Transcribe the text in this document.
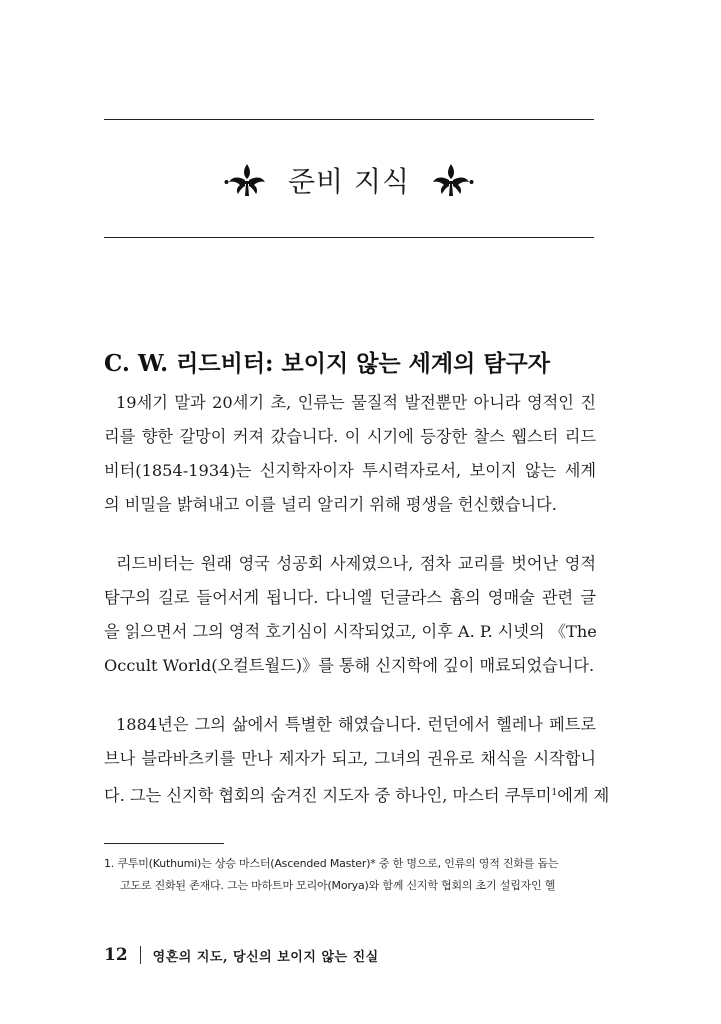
준비 지식
C. W. 리드비터: 보이지 않는 세계의 탐구자

19세기 말과 20세기 초, 인류는 물질적 발전뿐만 아니라 영적인 진
리를 향한 갈망이 커져 갔습니다. 이 시기에 등장한 찰스 웹스터 리드
비터(1854-1934)는 신지학자이자 투시력자로서, 보이지 않는 세계
의 비밀을 밝혀내고 이를 널리 알리기 위해 평생을 헌신했습니다.

리드비터는 원래 영국 성공회 사제였으나, 점차 교리를 벗어난 영적
탐구의 길로 들어서게 됩니다. 다니엘 던글라스 흄의 영매술 관련 글
을 읽으면서 그의 영적 호기심이 시작되었고, 이후 A. P. 시넷의 《The
Occult World(오컬트월드)》를 통해 신지학에 깊이 매료되었습니다.

1884년은 그의 삶에서 특별한 해였습니다. 런던에서 헬레나 페트로
브나 블라바츠키를 만나 제자가 되고, 그녀의 권유로 채식을 시작합니
다. 그는 신지학 협회의 숨겨진 지도자 중 하나인, 마스터 쿠투미$^1$에게 제

1. 쿠투미(Kuthumi)는 상승 마스터(Ascended Master)* 중 한 명으로, 인류의 영적 진화를 돕는
고도로 진화된 존재다. 그는 마하트마 모리아(Morya)와 함께 신지학 협회의 초기 설립자인 헬
12 영혼의 지도, 당신의 보이지 않는 진실
